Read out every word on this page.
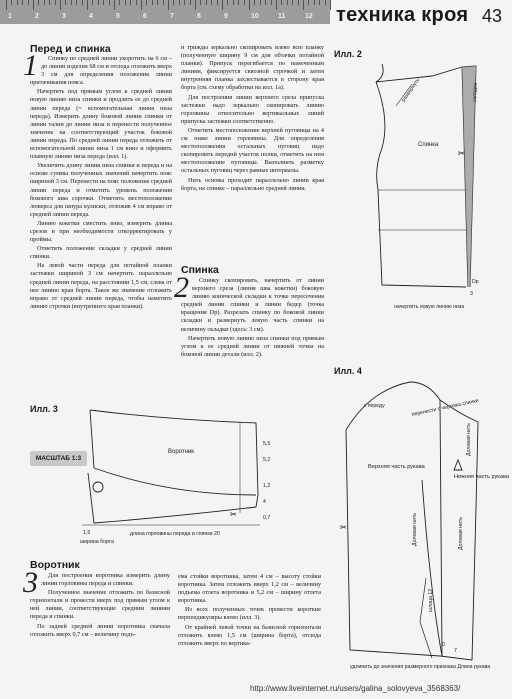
1	2	3	4	5	6	7	8	9	10	11	12 техника кроя 43
Перед и спинка
1	Спинку по средней линии укоротить на 6 см – до линии изделия 68 см и отсюда отложить вверх 3 см для определения положения линии притачивания пояса.

Начертить под прямым углом к средней линии новую линию низа спинки и продлить ее до средней линии переда (= вспомогательная линия низа переда). Измерить длину боковой линии спинки от линии талии до линии низа и перенести полученное значение на соответствующий участок боковой линии переда. По средней линии переда отложить от вспомогательной линии низа 1 см вниз и оформить плавную линию низа переда (илл. 1).

Увеличить длину линии низа спинки и переда и на основе суммы полученных значений начертить пояс шириной 3 см. Перенести на пояс положение средней линии переда и отметить уровень положения бокового шва сорочки. Отметить местоположение люверса для шнура кулиски, отложив 4 см вправо от средней линии переда.

Линию кокетки сместить вниз, измерить длины срезов и при необходимости откорректировать у проймы.

Отметить положение складки у средней линии спинки.

На левой части переда для потайной планки застежки шириной 3 см начертить параллельно средней линии переда, на расстоянии 1,5 см, слева от нее линию края борта. Такое же значение отложить вправо от средней линии переда, чтобы наметить линию строчки (внутреннего края планки).

и трижды зеркально скопировать влево всю планку (полученную ширину 9 см для обтачки потайной планки). Припуск перегибается по намеченным линиям, фиксируется сквозной строчкой и затем внутренняя планка захлестывается в сторону края борта (см. схему обработки на илл. 1а).

Для построения линии верхнего среза припуска застежки надо зеркально скопировать линию горловины относительно вертикальных линий припуска застежки соответственно.

Отметить местоположение верхней пуговицы на 4 см ниже линии горловины. Для определения местоположения остальных пуговиц надо скопировать переднй участок полки, отметить на нем местоположение пуговицы. Выполнить разметку остальных пуговиц через равные интервалы.

Нить основы проходит параллельно линии края борта, на спинке – параллельно средней линии.

Спинка
2	Спинку скопировать, начертить от линии верхнего среза (линия шва кокетки) боковую линию конической складки к точке пересечения средней линии спинки и линии бедер (точка вращения Dp). Разрезать спинку по боковой линии складки и развернуть левую часть спинки на величину складки (здесь: 3 см).

Начертить новую линию низа спинки под прямым углом к ее средней линии от нижней точки на боковой линии детали (илл. 2).

Воротник
3	Для построения воротника измерить длину линии горловины переда и спинки.

Полученное значение отложить по базисной горизонтали и провести вверх под прямым углом к ней линии, соответствующие средним линиям переда и спинки.

По задней средней линии воротника сначала отложить вверх 0,7 см – величину подъ-

ема стойки воротника, затем 4 см – высоту стойки воротника. Затем отложить вверх 1,2 см – величину подъема отлета воротника и 5,2 см – ширину отлета воротника.

Из всех полученных точек провести короткие перпендикуляры влево (илл. 3).

От крайней левой точки на базисной горизонтали отложить влево 1,5 см (ширина борта), отсюда отложить вверх по вертика-

Илл. 2
развернуть	складка
Спинка
Dp
3
начертить новую линию низа
✂
Илл. 3
МАСШТАБ 1:3
Воротник
5,5
5,2
1,2
4
0,7
1,5
ширина борта
длина горловины переда и спинки 20
✂
Илл. 4
перенести с чертежа спинки
к переду
Верхняя часть рукава
Нижняя часть рукава
Долевая нить
Долевая нить
Долевая нить
шлица 12
7
0
удлинить до значения размерного признака Длина рукава
✂
http://www.liveinternet.ru/users/galina_solovyeva_3568363/
